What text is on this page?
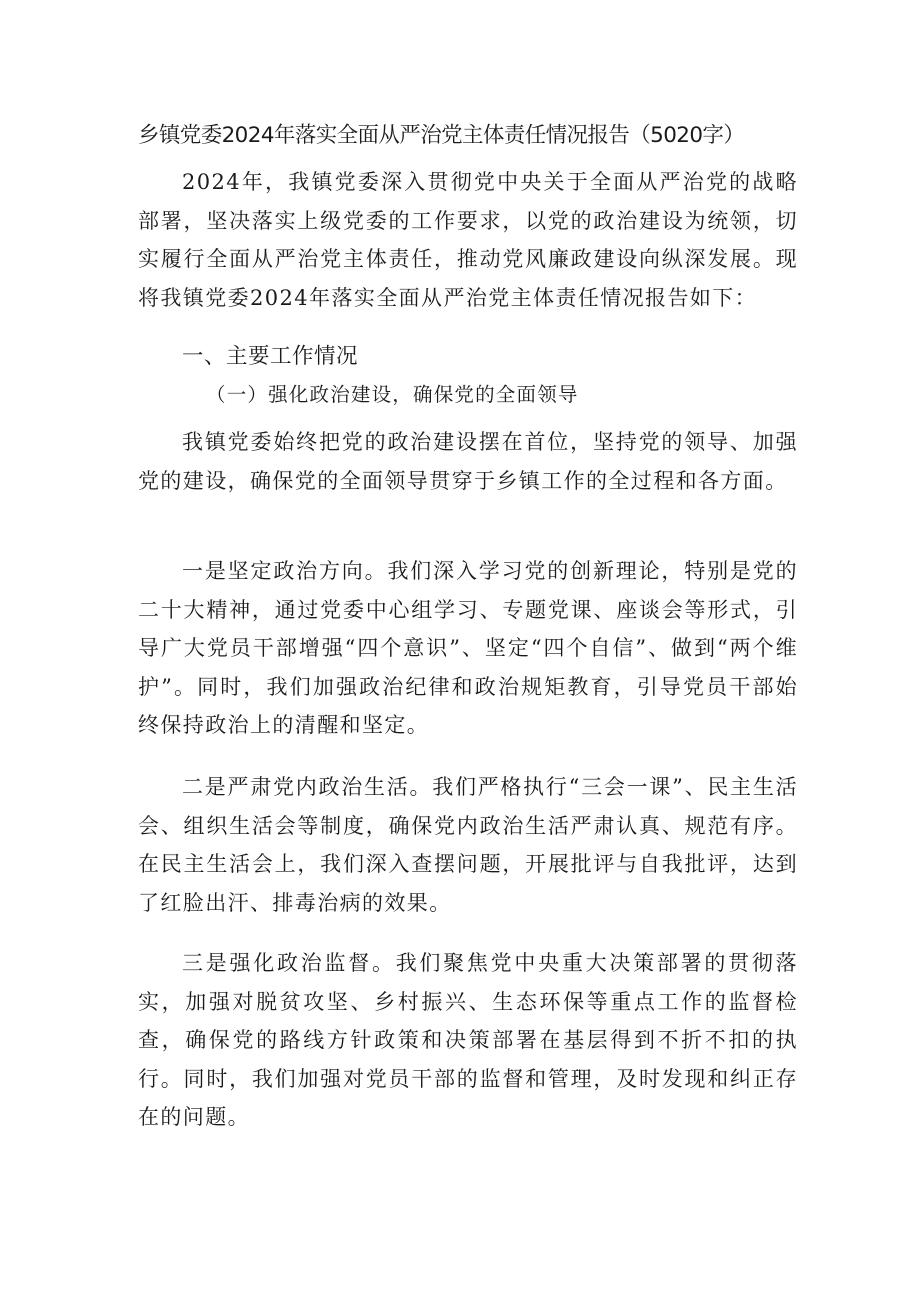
乡镇党委2024年落实全面从严治党主体责任情况报告（5020字）

2024年，我镇党委深入贯彻党中央关于全面从严治党的战略部署，坚决落实上级党委的工作要求，以党的政治建设为统领，切实履行全面从严治党主体责任，推动党风廉政建设向纵深发展。现将我镇党委2024年落实全面从严治党主体责任情况报告如下：

一、主要工作情况
（一）强化政治建设，确保党的全面领导

我镇党委始终把党的政治建设摆在首位，坚持党的领导、加强党的建设，确保党的全面领导贯穿于乡镇工作的全过程和各方面。

一是坚定政治方向。我们深入学习党的创新理论，特别是党的二十大精神，通过党委中心组学习、专题党课、座谈会等形式，引导广大党员干部增强“四个意识”、坚定“四个自信”、做到“两个维护”。同时，我们加强政治纪律和政治规矩教育，引导党员干部始终保持政治上的清醒和坚定。

二是严肃党内政治生活。我们严格执行“三会一课”、民主生活会、组织生活会等制度，确保党内政治生活严肃认真、规范有序。在民主生活会上，我们深入查摆问题，开展批评与自我批评，达到了红脸出汗、排毒治病的效果。

三是强化政治监督。我们聚焦党中央重大决策部署的贯彻落实，加强对脱贫攻坚、乡村振兴、生态环保等重点工作的监督检查，确保党的路线方针政策和决策部署在基层得到不折不扣的执行。同时，我们加强对党员干部的监督和管理，及时发现和纠正存在的问题。
